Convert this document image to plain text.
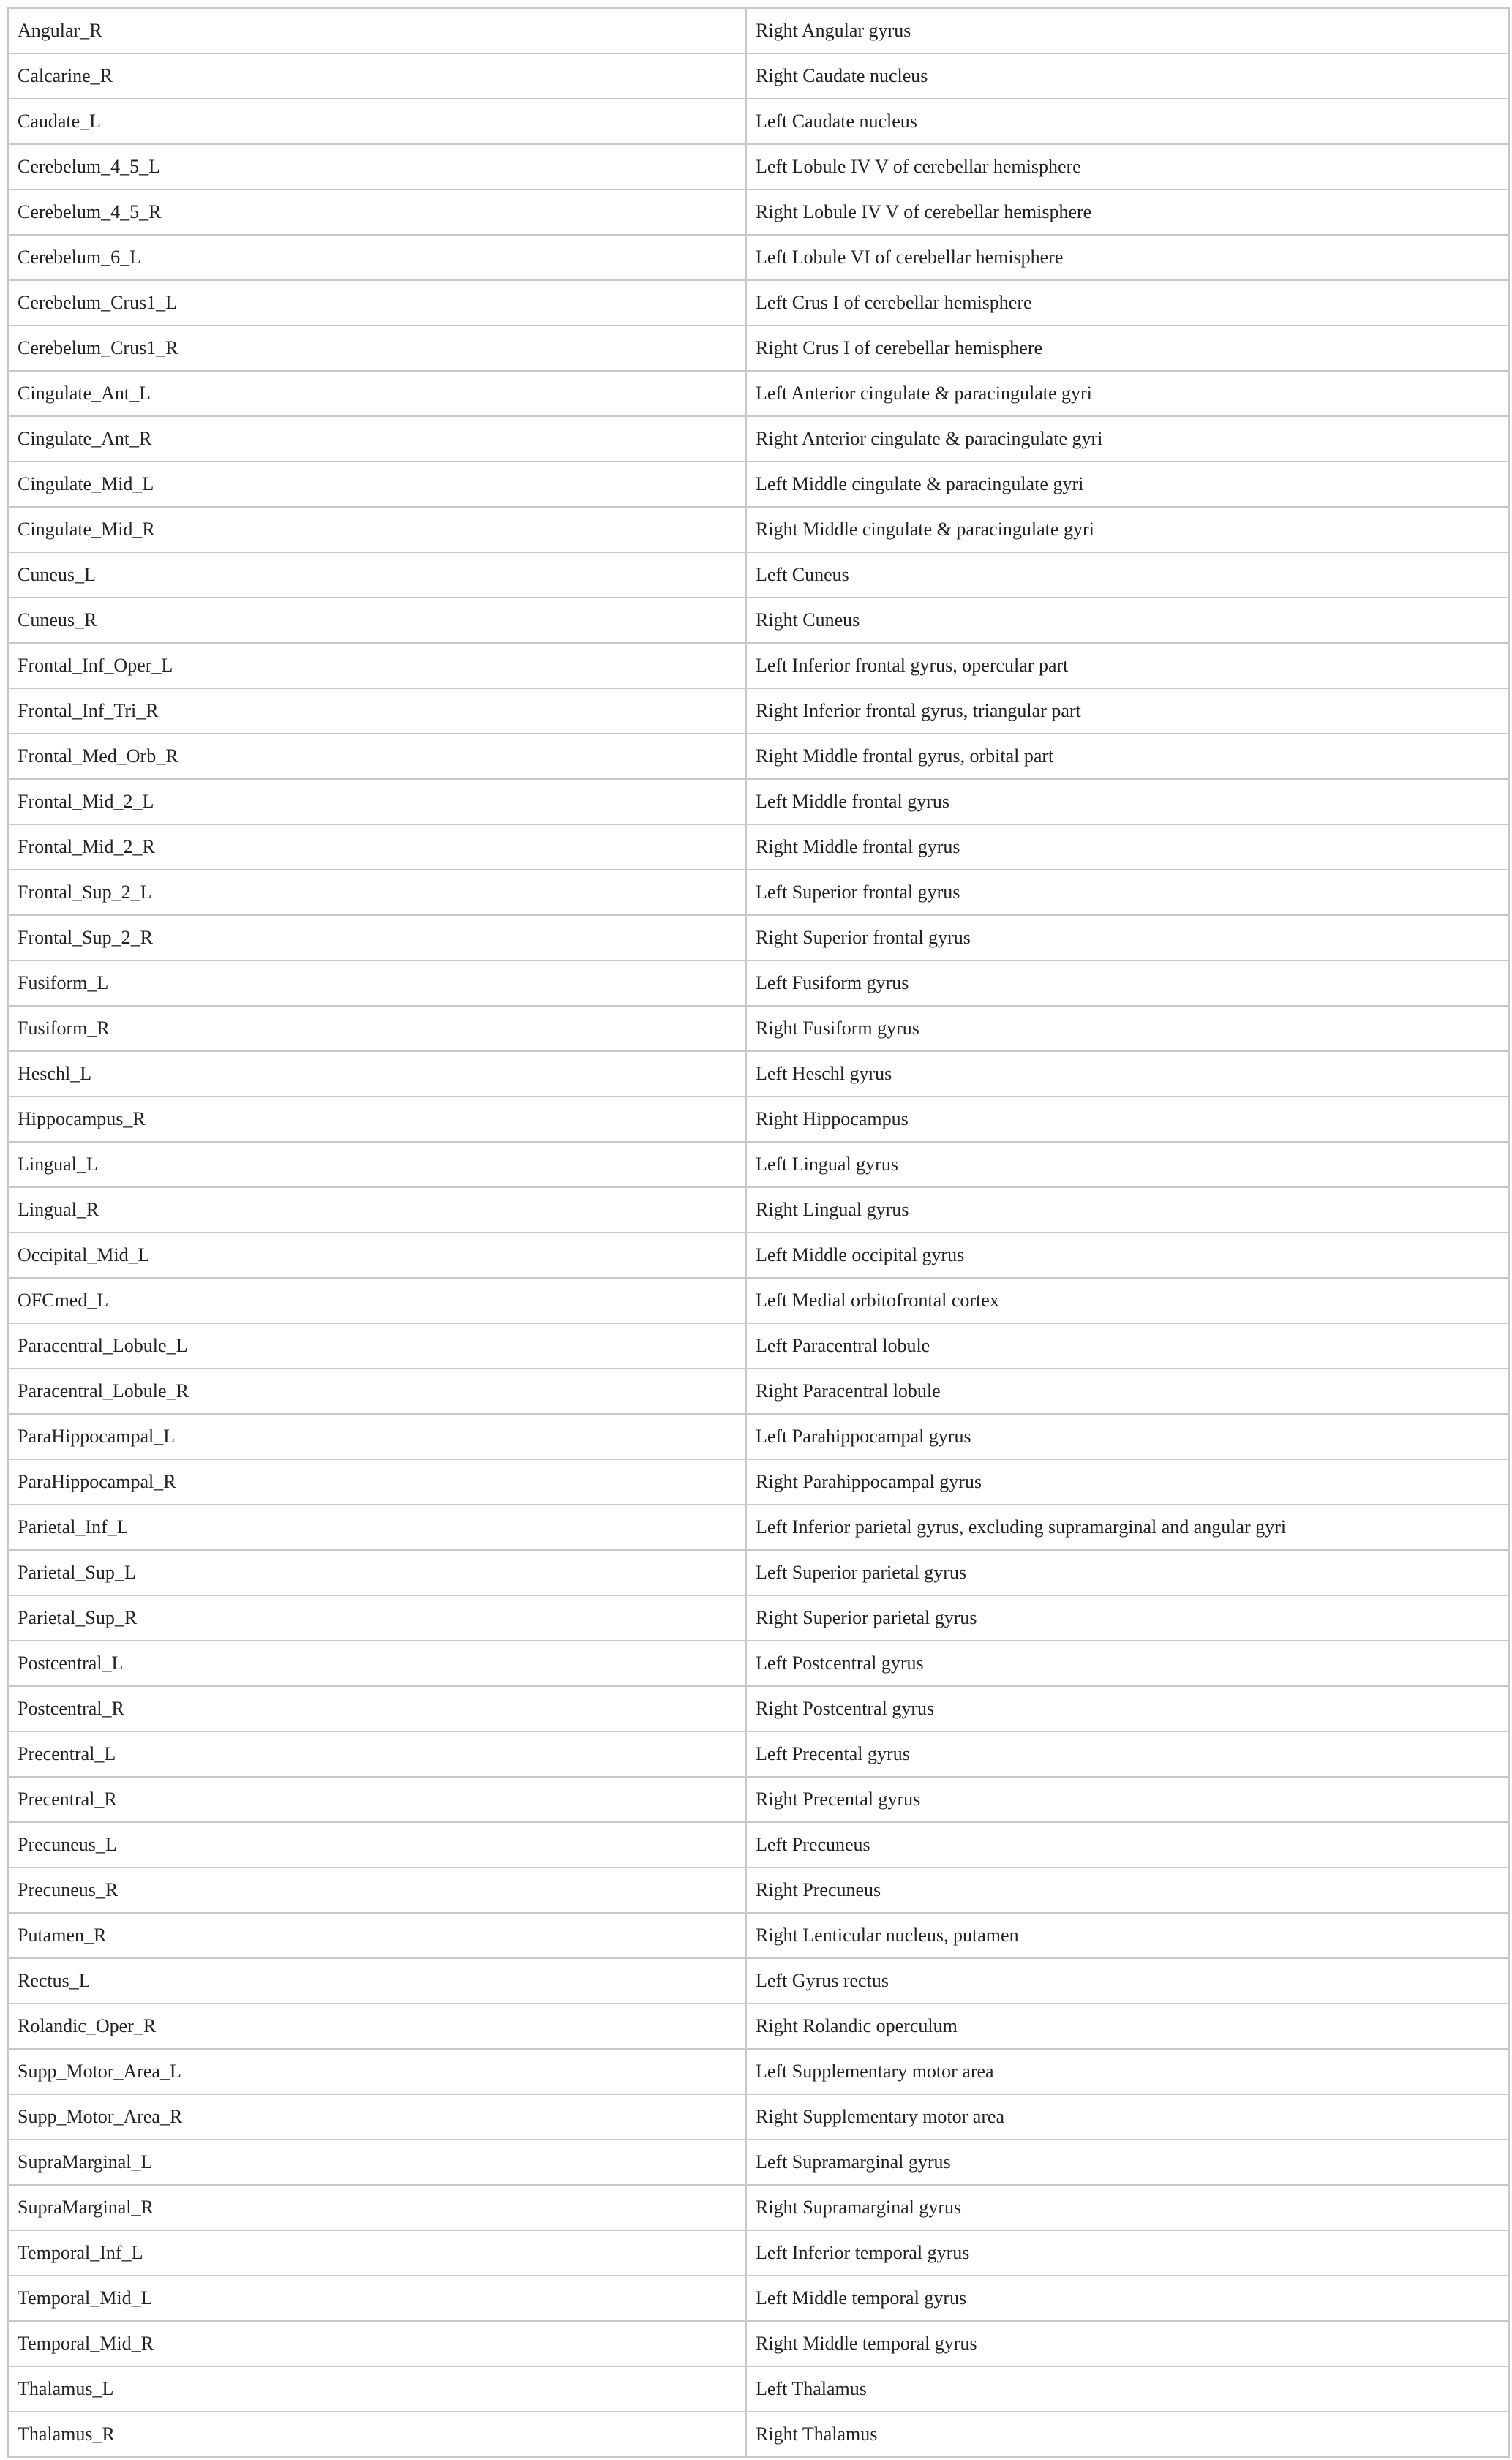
Angular_R	Right Angular gyrus
Calcarine_R	Right Caudate nucleus
Caudate_L	Left Caudate nucleus
Cerebelum_4_5_L	Left Lobule IV V of cerebellar hemisphere
Cerebelum_4_5_R	Right Lobule IV V of cerebellar hemisphere
Cerebelum_6_L	Left Lobule VI of cerebellar hemisphere
Cerebelum_Crus1_L	Left Crus I of cerebellar hemisphere
Cerebelum_Crus1_R	Right Crus I of cerebellar hemisphere
Cingulate_Ant_L	Left Anterior cingulate & paracingulate gyri
Cingulate_Ant_R	Right Anterior cingulate & paracingulate gyri
Cingulate_Mid_L	Left Middle cingulate & paracingulate gyri
Cingulate_Mid_R	Right Middle cingulate & paracingulate gyri
Cuneus_L	Left Cuneus
Cuneus_R	Right Cuneus
Frontal_Inf_Oper_L	Left Inferior frontal gyrus, opercular part
Frontal_Inf_Tri_R	Right Inferior frontal gyrus, triangular part
Frontal_Med_Orb_R	Right Middle frontal gyrus, orbital part
Frontal_Mid_2_L	Left Middle frontal gyrus
Frontal_Mid_2_R	Right Middle frontal gyrus
Frontal_Sup_2_L	Left Superior frontal gyrus
Frontal_Sup_2_R	Right Superior frontal gyrus
Fusiform_L	Left Fusiform gyrus
Fusiform_R	Right Fusiform gyrus
Heschl_L	Left Heschl gyrus
Hippocampus_R	Right Hippocampus
Lingual_L	Left Lingual gyrus
Lingual_R	Right Lingual gyrus
Occipital_Mid_L	Left Middle occipital gyrus
OFCmed_L	Left Medial orbitofrontal cortex
Paracentral_Lobule_L	Left Paracentral lobule
Paracentral_Lobule_R	Right Paracentral lobule
ParaHippocampal_L	Left Parahippocampal gyrus
ParaHippocampal_R	Right Parahippocampal gyrus
Parietal_Inf_L	Left Inferior parietal gyrus, excluding supramarginal and angular gyri
Parietal_Sup_L	Left Superior parietal gyrus
Parietal_Sup_R	Right Superior parietal gyrus
Postcentral_L	Left Postcentral gyrus
Postcentral_R	Right Postcentral gyrus
Precentral_L	Left Precental gyrus
Precentral_R	Right Precental gyrus
Precuneus_L	Left Precuneus
Precuneus_R	Right Precuneus
Putamen_R	Right Lenticular nucleus, putamen
Rectus_L	Left Gyrus rectus
Rolandic_Oper_R	Right Rolandic operculum
Supp_Motor_Area_L	Left Supplementary motor area
Supp_Motor_Area_R	Right Supplementary motor area
SupraMarginal_L	Left Supramarginal gyrus
SupraMarginal_R	Right Supramarginal gyrus
Temporal_Inf_L	Left Inferior temporal gyrus
Temporal_Mid_L	Left Middle temporal gyrus
Temporal_Mid_R	Right Middle temporal gyrus
Thalamus_L	Left Thalamus
Thalamus_R	Right Thalamus
